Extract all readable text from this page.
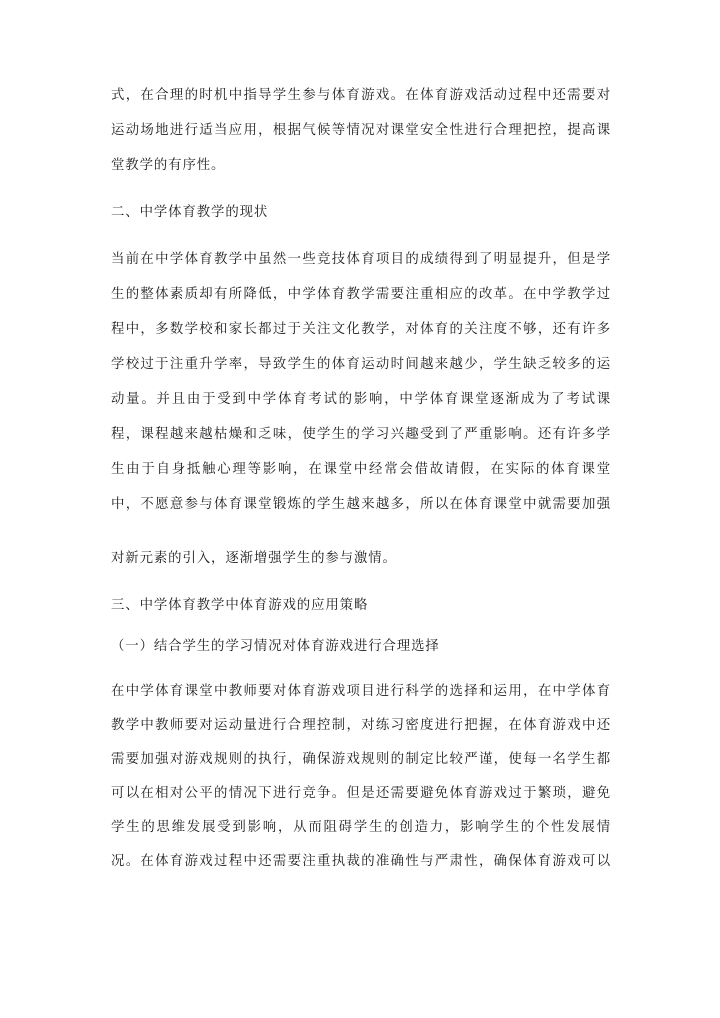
式，在合理的时机中指导学生参与体育游戏。在体育游戏活动过程中还需要对
运动场地进行适当应用，根据气候等情况对课堂安全性进行合理把控，提高课
堂教学的有序性。
二、中学体育教学的现状
当前在中学体育教学中虽然一些竞技体育项目的成绩得到了明显提升，但是学
生的整体素质却有所降低，中学体育教学需要注重相应的改革。在中学教学过
程中，多数学校和家长都过于关注文化教学，对体育的关注度不够，还有许多
学校过于注重升学率，导致学生的体育运动时间越来越少，学生缺乏较多的运
动量。并且由于受到中学体育考试的影响，中学体育课堂逐渐成为了考试课
程，课程越来越枯燥和乏味，使学生的学习兴趣受到了严重影响。还有许多学
生由于自身抵触心理等影响，在课堂中经常会借故请假，在实际的体育课堂
中，不愿意参与体育课堂锻炼的学生越来越多，所以在体育课堂中就需要加强
对新元素的引入，逐渐增强学生的参与激情。
三、中学体育教学中体育游戏的应用策略
（一）结合学生的学习情况对体育游戏进行合理选择
在中学体育课堂中教师要对体育游戏项目进行科学的选择和运用，在中学体育
教学中教师要对运动量进行合理控制，对练习密度进行把握，在体育游戏中还
需要加强对游戏规则的执行，确保游戏规则的制定比较严谨，使每一名学生都
可以在相对公平的情况下进行竞争。但是还需要避免体育游戏过于繁琐，避免
学生的思维发展受到影响，从而阻碍学生的创造力，影响学生的个性发展情
况。在体育游戏过程中还需要注重执裁的准确性与严肃性，确保体育游戏可以
